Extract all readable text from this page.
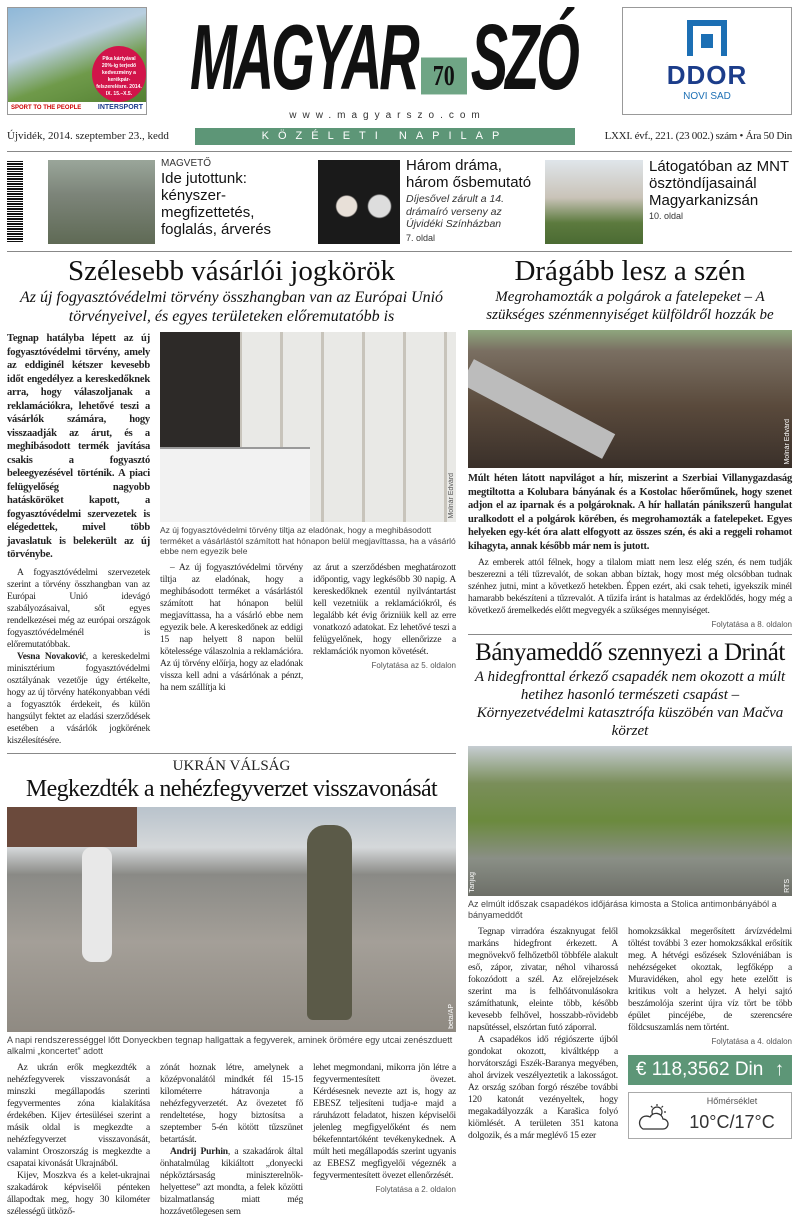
Pika kártyával 20%-ig terjedő kedvezmény a kerékpár-felszerelésre. 2014. IX. 15.–X.5.
SPORT TO THE PEOPLE INTERSPORT MAGYAR 70 SZÓ
www.magyarszo.com
KÖZÉLETI NAPILAP
DDOR
NOVI SAD
Újvidék, 2014. szeptember 23., kedd	LXXI. évf., 221. (23 002.) szám • Ára 50 Din
MAGVETŐ
Ide jutottunk: kényszer-megfizettetés, foglalás, árverés
Három dráma, három ősbemutató
Díjesővel zárult a 14. drámaíró verseny az Újvidéki Színházban
7. oldal
Látogatóban az MNT ösztöndíjasainál Magyarkanizsán
10. oldal
Szélesebb vásárlói jogkörök
Az új fogyasztóvédelmi törvény összhangban van az Európai Unió törvényeivel, és egyes területeken előremutatóbb is
Tegnap hatályba lépett az új fogyasztóvédelmi törvény, amely az eddiginél kétszer kevesebb időt engedélyez a kereskedőknek arra, hogy válaszoljanak a reklamációkra, lehetővé teszi a vásárlók számára, hogy visszaadják az árut, és a meghibásodott termék javítása csakis a fogyasztó beleegyezésével történik. A piaci felügyelőség nagyobb hatásköröket kapott, a fogyasztóvédelmi szervezetek is elégedettek, mivel több javaslatuk is belekerült az új törvénybe.

A fogyasztóvédelmi szervezetek szerint a törvény összhangban van az Európai Unió idevágó szabályozásaival, sőt egyes rendelkezései még az európai országok fogyasztóvédelménél is előremutatóbbak.

Vesna Novaković, a kereskedelmi minisztérium fogyasztóvédelmi osztályának vezetője úgy értékelte, hogy az új törvény hatékonyabban védi a fogyasztók érdekeit, és külön hangsúlyt fektet az eladási szerződések esetében a vásárlók jogkörének kiszélesítésére.

Molnár Edvárd
Az új fogyasztóvédelmi törvény tiltja az eladónak, hogy a meghibásodott terméket a vásárlástól számított hat hónapon belül megjavíttassa, ha a vásárló ebbe nem egyezik bele

– Az új fogyasztóvédelmi törvény tiltja az eladónak, hogy a meghibásodott terméket a vásárlástól számított hat hónapon belül megjavíttassa, ha a vásárló ebbe nem egyezik bele. A kereskedőnek az eddigi 15 nap helyett 8 napon belül kötelessége válaszolnia a reklamációra. Az új törvény előírja, hogy az eladónak vissza kell adni a vásárlónak a pénzt, ha nem szállítja ki

az árut a szerződésben meghatározott időpontig, vagy legkésőbb 30 napig. A kereskedőknek ezentúl nyilvántartást kell vezetniük a reklamációkról, és legalább két évig őrizniük kell az erre vonatkozó adatokat. Ez lehetővé teszi a felügyelőnek, hogy ellenőrizze a reklamációk nyomon követését.
Folytatása az 5. oldalon
UKRÁN VÁLSÁG
Megkezdték a nehézfegyverzet visszavonását
beta/AP
A napi rendszerességgel lőtt Donyeckben tegnap hallgattak a fegyverek, aminek örömére egy utcai zenészduett alkalmi „koncertet” adott

Az ukrán erők megkezdték a nehézfegyverek visszavonását a minszki megállapodás szerinti fegyvermentes zóna kialakítása érdekében. Kijev értesülései szerint a másik oldal is megkezdte a nehézfegyverzet visszavonását, valamint Oroszország is megkezdte a csapatai kivonását Ukrajnából.

Kijev, Moszkva és a kelet-ukrajnai szakadárok képviselői pénteken állapodtak meg, hogy 30 kilométer szélességű ütköző-

zónát hoznak létre, amelynek a középvonalától mindkét fél 15-15 kilométerre hátravonja a nehézfegyverzetét. Az övezetet fő rendeltetése, hogy biztosítsa a szeptember 5-én kötött tűzszünet betartását.

Andrij Purhin, a szakadárok által önhatalmúlag kikiáltott „donyecki népköztársaság miniszterelnök-helyettese” azt mondta, a felek közötti bizalmatlanság miatt még hozzávetőlegesen sem

lehet megmondani, mikorra jön létre a fegyvermentesített övezet. Kérdésesnek nevezte azt is, hogy az EBESZ teljesíteni tudja-e majd a ráruházott feladatot, hiszen képviselői jelenleg megfigyelőként és nem békefenntartóként tevékenykednek. A múlt heti megállapodás szerint ugyanis az EBESZ megfigyelői végeznék a fegyvermentesített övezet ellenőrzését.
Folytatása a 2. oldalon
Drágább lesz a szén
Megrohamozták a polgárok a fatelepeket – A szükséges szénmennyiséget külföldről hozzák be
Molnár Edvárd
Múlt héten látott napvilágot a hír, miszerint a Szerbiai Villanygazdaság megtiltotta a Kolubara bányának és a Kostolac hőerőműnek, hogy szenet adjon el az iparnak és a polgároknak. A hír hallatán pánikszerű hangulat uralkodott el a polgárok körében, és megrohamozták a fatelepeket. Egyes helyeken egy-két óra alatt elfogyott az összes szén, és aki a reggeli rohamot kihagyta, annak később már nem is jutott.

Az emberek attól félnek, hogy a tilalom miatt nem lesz elég szén, és nem tudják beszerezni a téli tűzrevalót, de sokan abban bíztak, hogy most még olcsóbban tudnak szénhez jutni, mint a következő hetekben. Éppen ezért, aki csak teheti, igyekszik minél hamarabb bekészíteni a tűzrevalót. A tűzifa iránt is hatalmas az érdeklődés, hogy még a következő áremelkedés előtt megvegyék a szükséges mennyiséget.

Folytatása a 8. oldalon
Bányameddő szennyezi a Drinát
A hidegfronttal érkező csapadék nem okozott a múlt hetihez hasonló természeti csapást – Környezetvédelmi katasztrófa küszöbén van Mačva körzet
RTS
Tanjug
Az elmúlt időszak csapadékos időjárása kimosta a Stolica antimonbányából a bányameddőt

Tegnap virradóra északnyugat felől markáns hidegfront érkezett. A megnövekvő felhőzetből többféle alakult eső, zápor, zivatar, néhol viharossá fokozódott a szél. Az előrejelzések szerint ma is felhőátvonulásokra számíthatunk, eleinte több, később kevesebb felhővel, hosszabb-rövidebb napsütéssel, elszórtan futó záporral.

A csapadékos idő régiószerte újból gondokat okozott, kiváltképp a horvátországi Eszék-Baranya megyében, ahol árvizek veszélyeztetik a lakosságot. Az ország szóban forgó részébe további 120 katonát vezényeltek, hogy megakadályozzák a Karašica folyó kiömlését. A területen 351 katona dolgozik, és a már meglévő 15 ezer

homokzsákkal megerősített árvízvédelmi töltést további 3 ezer homokzsákkal erősítik meg. A hétvégi esőzések Szlovéniában is nehézségeket okoztak, legfőképp a Muravidéken, ahol egy hete ezelőtt is kritikus volt a helyzet. A helyi sajtó beszámolója szerint újra víz tört be több épület pincéjébe, de szerencsére földcsuszamlás nem történt.
Folytatása a 4. oldalon
€ 118,3562 Din ↑
Hőmérséklet
10°C/17°C
